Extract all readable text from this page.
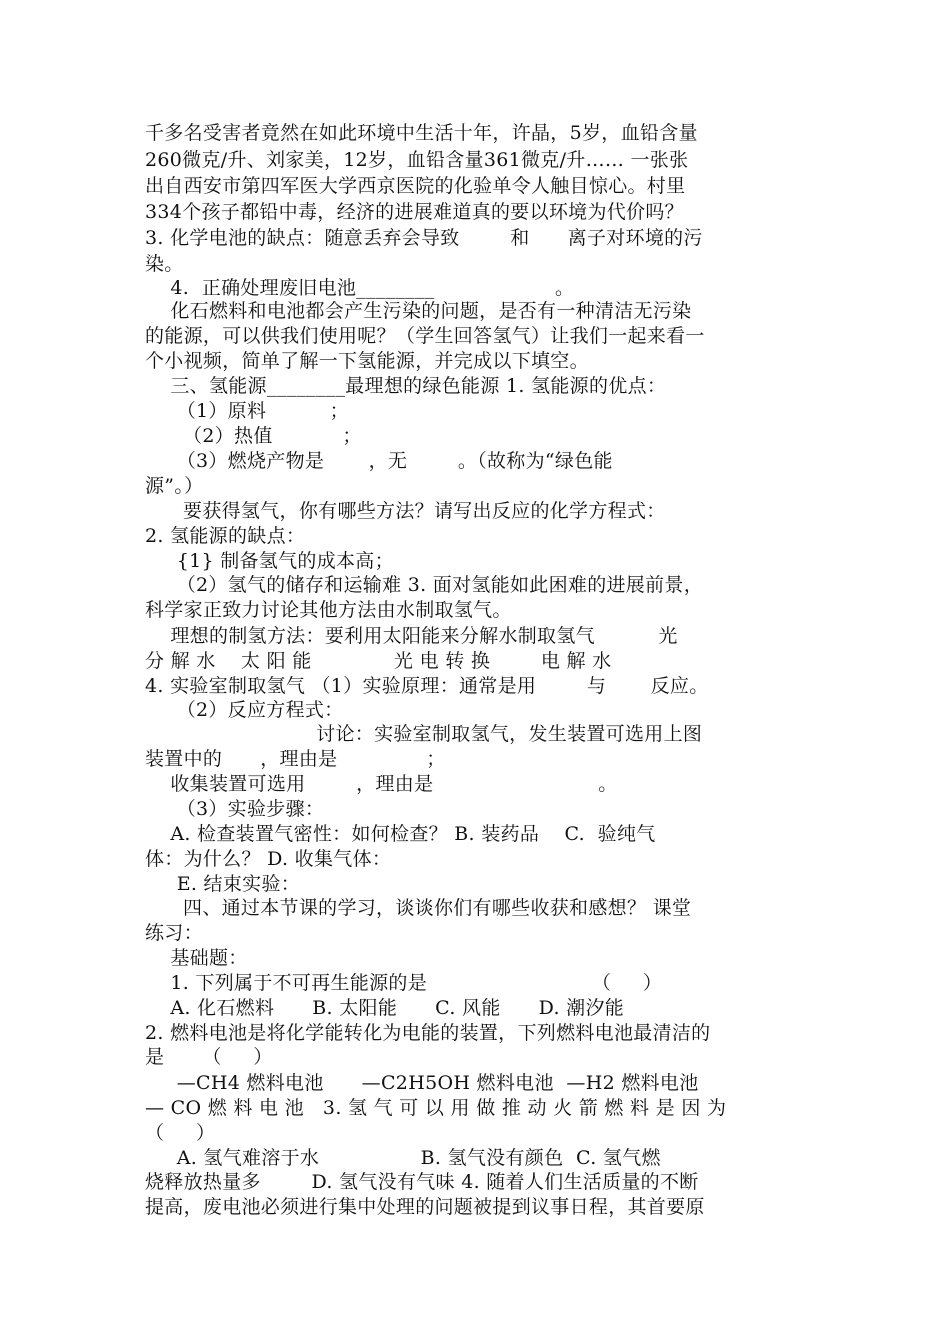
千多名受害者竟然在如此环境中生活十年，许晶，5岁，血铅含量
260微克/升、刘家美，12岁，血铅含量361微克/升…… 一张张
出自西安市第四军医大学西京医院的化验单令人触目惊心。村里
334个孩子都铅中毒，经济的进展难道真的要以环境为代价吗？
3. 化学电池的缺点：随意丢弃会导致        和      离子对环境的污
染。
4.  正确处理废旧电池________                   。
化石燃料和电池都会产生污染的问题，是否有一种清洁无污染
的能源，可以供我们使用呢？（学生回答氢气）让我们一起来看一
个小视频，简单了解一下氢能源，并完成以下填空。
三、氢能源________最理想的绿色能源 1. 氢能源的优点：
（1）原料          ；
（2）热值           ；
（3）燃烧产物是       ，无        。（故称为“绿色能
源”。）
要获得氢气，你有哪些方法？请写出反应的化学方程式：
2. 氢能源的缺点：
{1} 制备氢气的成本高；
（2）氢气的储存和运输难 3. 面对氢能如此困难的进展前景，
科学家正致力讨论其他方法由水制取氢气。
理想的制氢方法：要利用太阳能来分解水制取氢气          光
分 解 水    太 阳 能             光 电 转 换        电 解 水
4. 实验室制取氢气 （1）实验原理：通常是用        与       反应。
（2）反应方程式：
讨论：实验室制取氢气，发生装置可选用上图
装置中的      ，理由是              ；
收集装置可选用        ，理由是                          。
（3）实验步骤：
A. 检查装置气密性：如何检查？ B. 装药品    C.  验纯气
体：为什么？ D. 收集气体：
E. 结束实验：
四、通过本节课的学习，谈谈你们有哪些收获和感想？ 课堂
练习：
基础题：
1. 下列属于不可再生能源的是                          （     ）
A. 化石燃料      B. 太阳能      C. 风能      D. 潮汐能
2. 燃料电池是将化学能转化为电能的装置，下列燃料电池最清洁的
是      （     ）
—CH4 燃料电池      —C2H5OH 燃料电池  —H2 燃料电池
— CO 燃 料 电 池   3. 氢 气 可 以 用 做 推 动 火 箭 燃 料 是 因 为
（     ）
A. 氢气难溶于水                B. 氢气没有颜色  C. 氢气燃
烧释放热量多        D. 氢气没有气味 4. 随着人们生活质量的不断
提高，废电池必须进行集中处理的问题被提到议事日程，其首要原
